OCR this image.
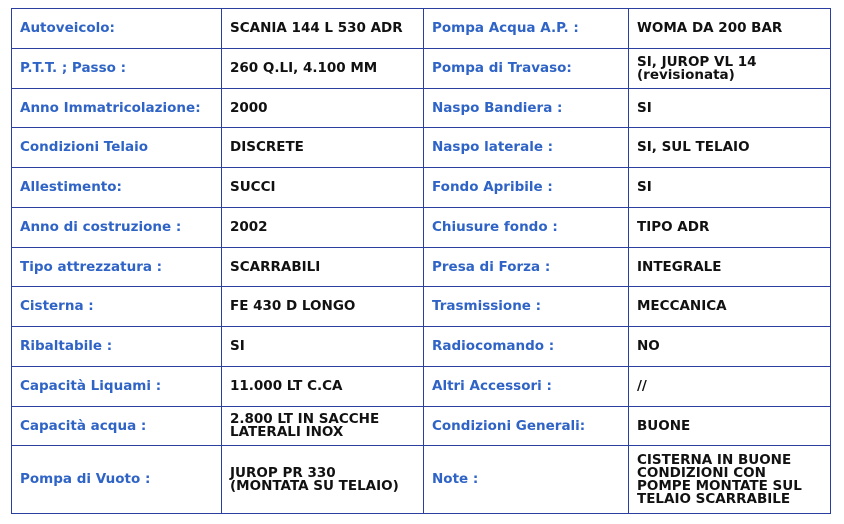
Autoveicolo:	SCANIA 144 L 530 ADR	Pompa Acqua A.P. :	WOMA DA 200 BAR
P.T.T. ; Passo :	260 Q.LI, 4.100 MM	Pompa di Travaso:	SI, JUROP VL 14 (revisionata)
Anno Immatricolazione:	2000	Naspo Bandiera :	SI
Condizioni Telaio	DISCRETE	Naspo laterale :	SI, SUL TELAIO
Allestimento:	SUCCI	Fondo Apribile :	SI
Anno di costruzione :	2002	Chiusure fondo :	TIPO ADR
Tipo attrezzatura :	SCARRABILI	Presa di Forza :	INTEGRALE
Cisterna :	FE 430 D LONGO	Trasmissione :	MECCANICA
Ribaltabile :	SI	Radiocomando :	NO
Capacità Liquami :	11.000 LT C.CA	Altri Accessori :	//
Capacità acqua :	2.800 LT IN SACCHE LATERALI INOX	Condizioni Generali:	BUONE
Pompa di Vuoto :	JUROP PR 330 (MONTATA SU TELAIO)	Note :	CISTERNA IN BUONE CONDIZIONI CON POMPE MONTATE SUL TELAIO SCARRABILE
